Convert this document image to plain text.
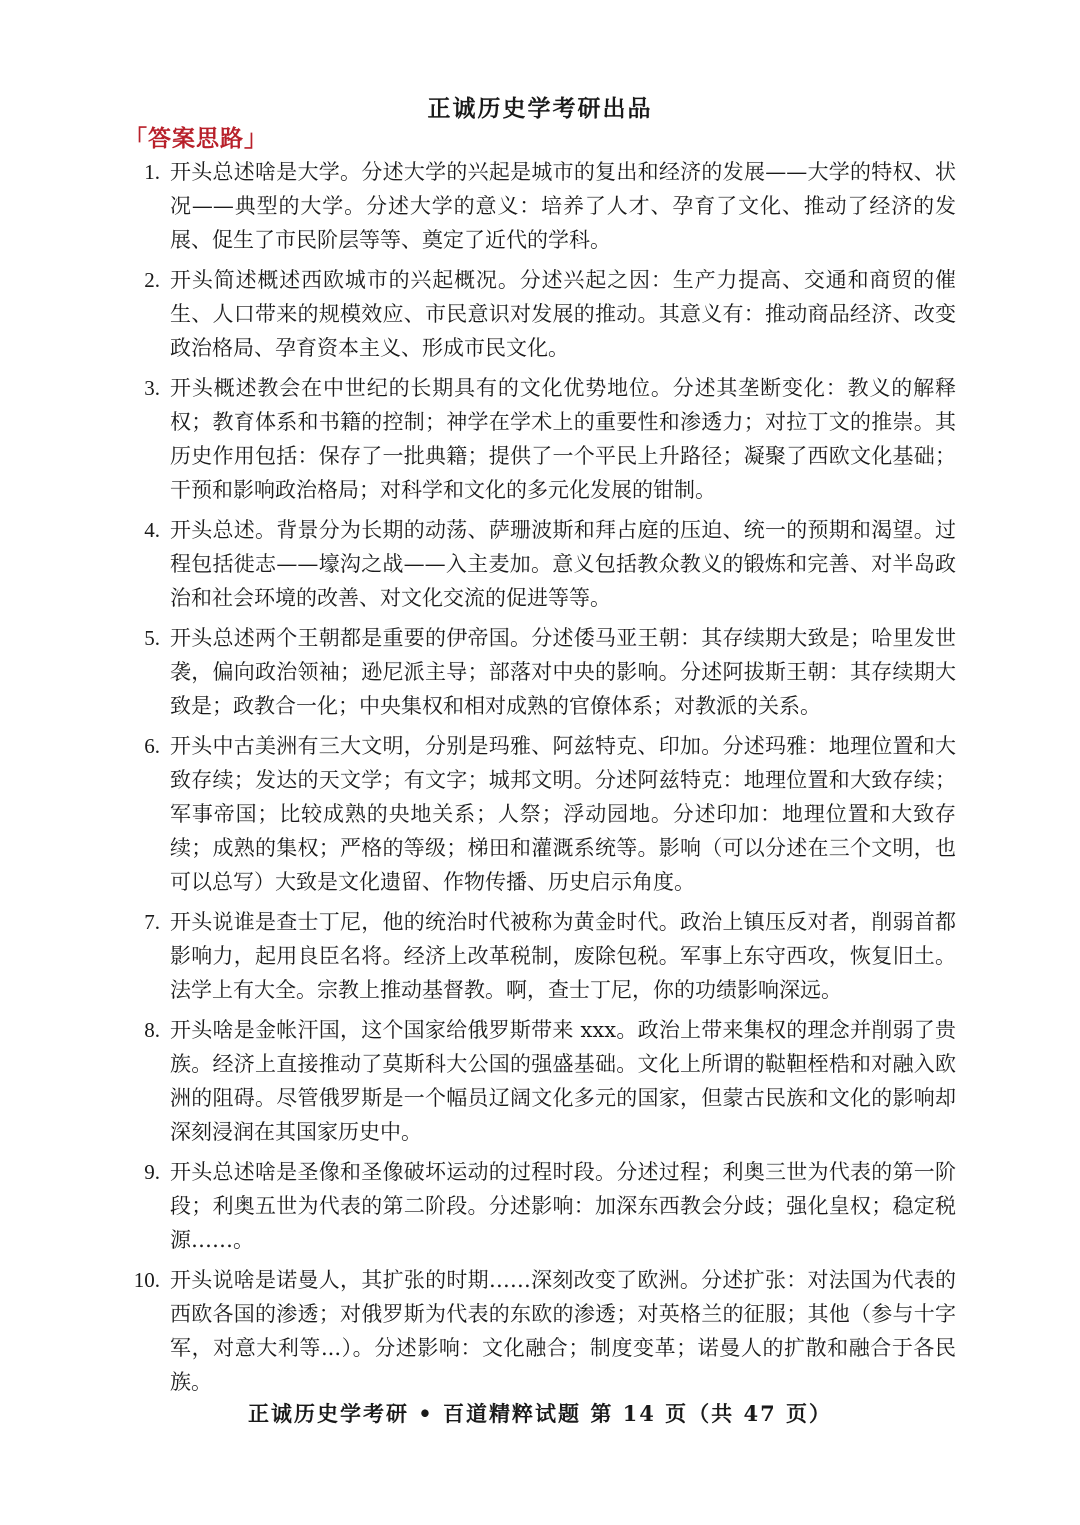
正诚历史学考研出品
「答案思路」
1. 开头总述啥是大学。分述大学的兴起是城市的复出和经济的发展——大学的特权、状况——典型的大学。分述大学的意义：培养了人才、孕育了文化、推动了经济的发展、促生了市民阶层等等、奠定了近代的学科。
2. 开头简述概述西欧城市的兴起概况。分述兴起之因：生产力提高、交通和商贸的催生、人口带来的规模效应、市民意识对发展的推动。其意义有：推动商品经济、改变政治格局、孕育资本主义、形成市民文化。
3. 开头概述教会在中世纪的长期具有的文化优势地位。分述其垄断变化：教义的解释权；教育体系和书籍的控制；神学在学术上的重要性和渗透力；对拉丁文的推崇。其历史作用包括：保存了一批典籍；提供了一个平民上升路径；凝聚了西欧文化基础；干预和影响政治格局；对科学和文化的多元化发展的钳制。
4. 开头总述。背景分为长期的动荡、萨珊波斯和拜占庭的压迫、统一的预期和渴望。过程包括徙志——壕沟之战——入主麦加。意义包括教众教义的锻炼和完善、对半岛政治和社会环境的改善、对文化交流的促进等等。
5. 开头总述两个王朝都是重要的伊帝国。分述倭马亚王朝：其存续期大致是；哈里发世袭，偏向政治领袖；逊尼派主导；部落对中央的影响。分述阿拔斯王朝：其存续期大致是；政教合一化；中央集权和相对成熟的官僚体系；对教派的关系。
6. 开头中古美洲有三大文明，分别是玛雅、阿兹特克、印加。分述玛雅：地理位置和大致存续；发达的天文学；有文字；城邦文明。分述阿兹特克：地理位置和大致存续；军事帝国；比较成熟的央地关系；人祭；浮动园地。分述印加：地理位置和大致存续；成熟的集权；严格的等级；梯田和灌溉系统等。影响（可以分述在三个文明，也可以总写）大致是文化遗留、作物传播、历史启示角度。
7. 开头说谁是查士丁尼，他的统治时代被称为黄金时代。政治上镇压反对者，削弱首都影响力，起用良臣名将。经济上改革税制，废除包税。军事上东守西攻，恢复旧土。法学上有大全。宗教上推动基督教。啊，查士丁尼，你的功绩影响深远。
8. 开头啥是金帐汗国，这个国家给俄罗斯带来 xxx。政治上带来集权的理念并削弱了贵族。经济上直接推动了莫斯科大公国的强盛基础。文化上所谓的鞑靼桎梏和对融入欧洲的阻碍。尽管俄罗斯是一个幅员辽阔文化多元的国家，但蒙古民族和文化的影响却深刻浸润在其国家历史中。
9. 开头总述啥是圣像和圣像破坏运动的过程时段。分述过程；利奥三世为代表的第一阶段；利奥五世为代表的第二阶段。分述影响：加深东西教会分歧；强化皇权；稳定税源……。
10. 开头说啥是诺曼人，其扩张的时期……深刻改变了欧洲。分述扩张：对法国为代表的西欧各国的渗透；对俄罗斯为代表的东欧的渗透；对英格兰的征服；其他（参与十字军，对意大利等...）。分述影响：文化融合；制度变革；诺曼人的扩散和融合于各民族。
正诚历史学考研 • 百道精粹试题 第 14 页（共 47 页）
